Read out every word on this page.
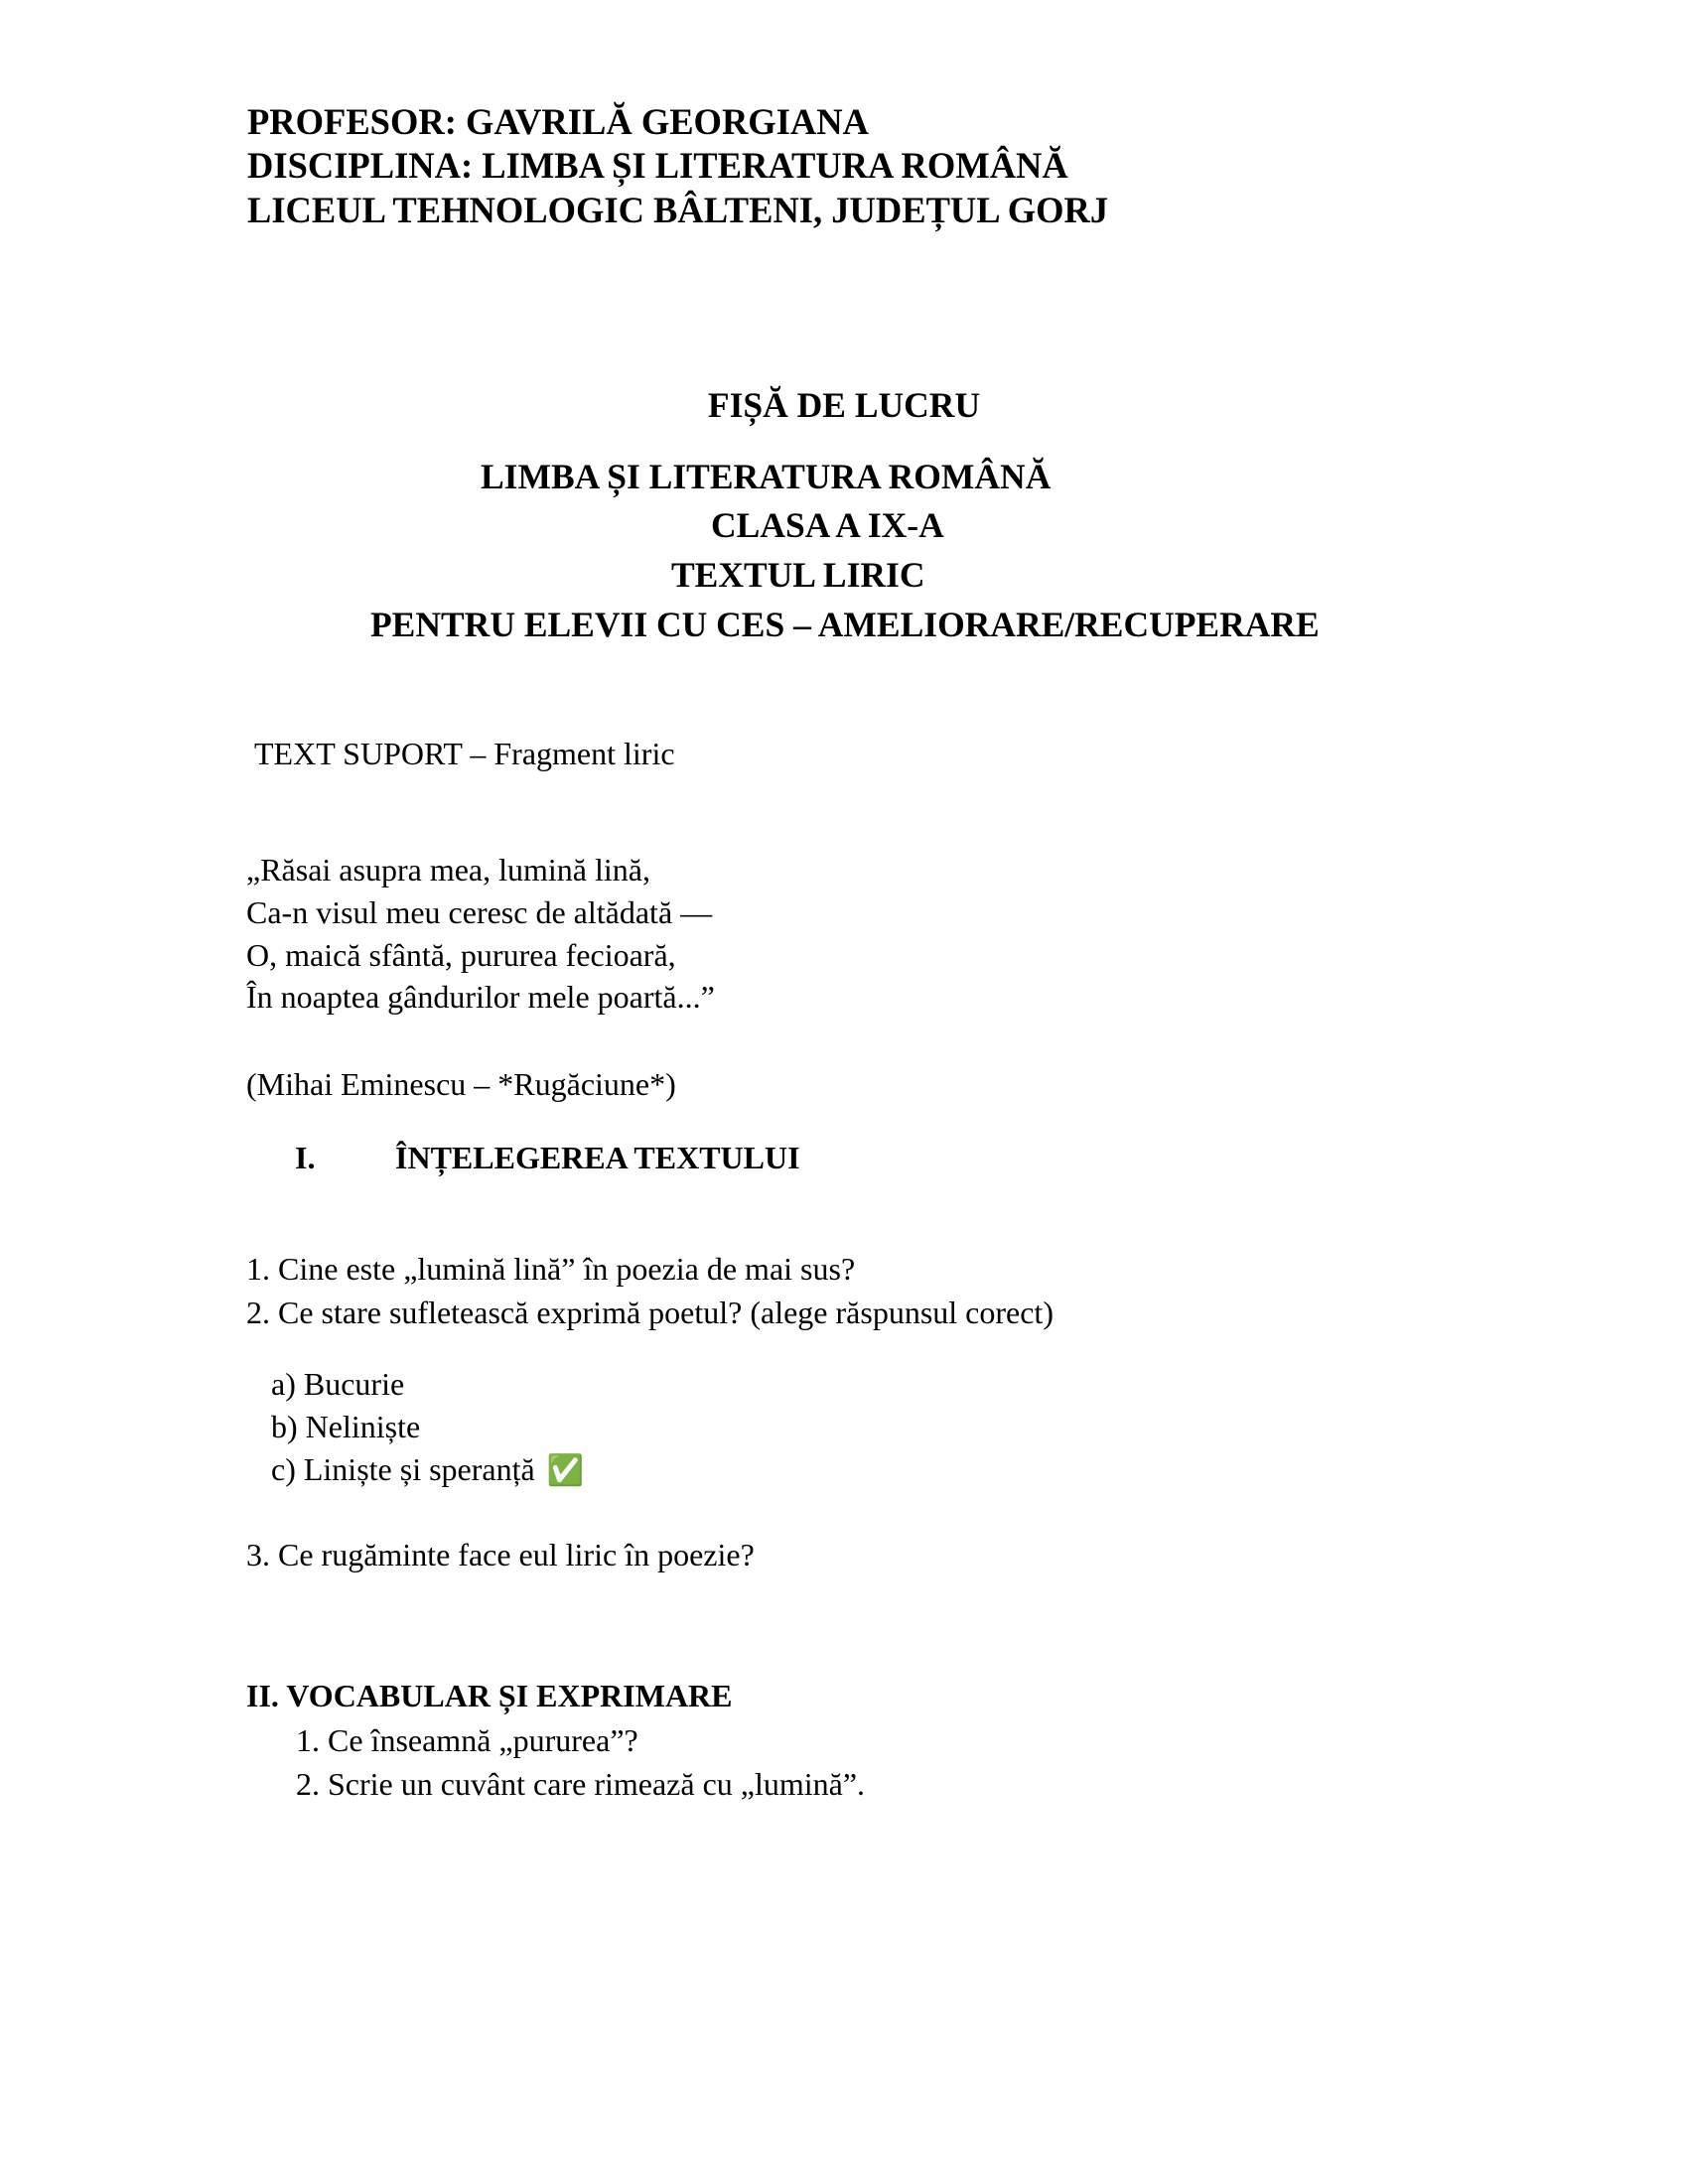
PROFESOR: GAVRILĂ GEORGIANA
DISCIPLINA: LIMBA ȘI LITERATURA ROMÂNĂ
LICEUL TEHNOLOGIC BÂLTENI, JUDEȚUL GORJ
FIȘĂ DE LUCRU
LIMBA ȘI LITERATURA ROMÂNĂ
CLASA A IX-A
TEXTUL LIRIC
PENTRU ELEVII CU CES – AMELIORARE/RECUPERARE
TEXT SUPORT – Fragment liric
„Răsai asupra mea, lumină lină,
Ca-n visul meu ceresc de altădată —
O, maică sfântă, pururea fecioară,
În noaptea gândurilor mele poartă...”
(Mihai Eminescu – *Rugăciune*)
I.	ÎNȚELEGEREA TEXTULUI
1. Cine este „lumină lină” în poezia de mai sus?
2. Ce stare sufletească exprimă poetul? (alege răspunsul corect)
a) Bucurie
b) Neliniște
c) Liniște și speranță ✅
3. Ce rugăminte face eul liric în poezie?
II. VOCABULAR ȘI EXPRIMARE
1. Ce înseamnă „pururea”?
2. Scrie un cuvânt care rimează cu „lumină”.
